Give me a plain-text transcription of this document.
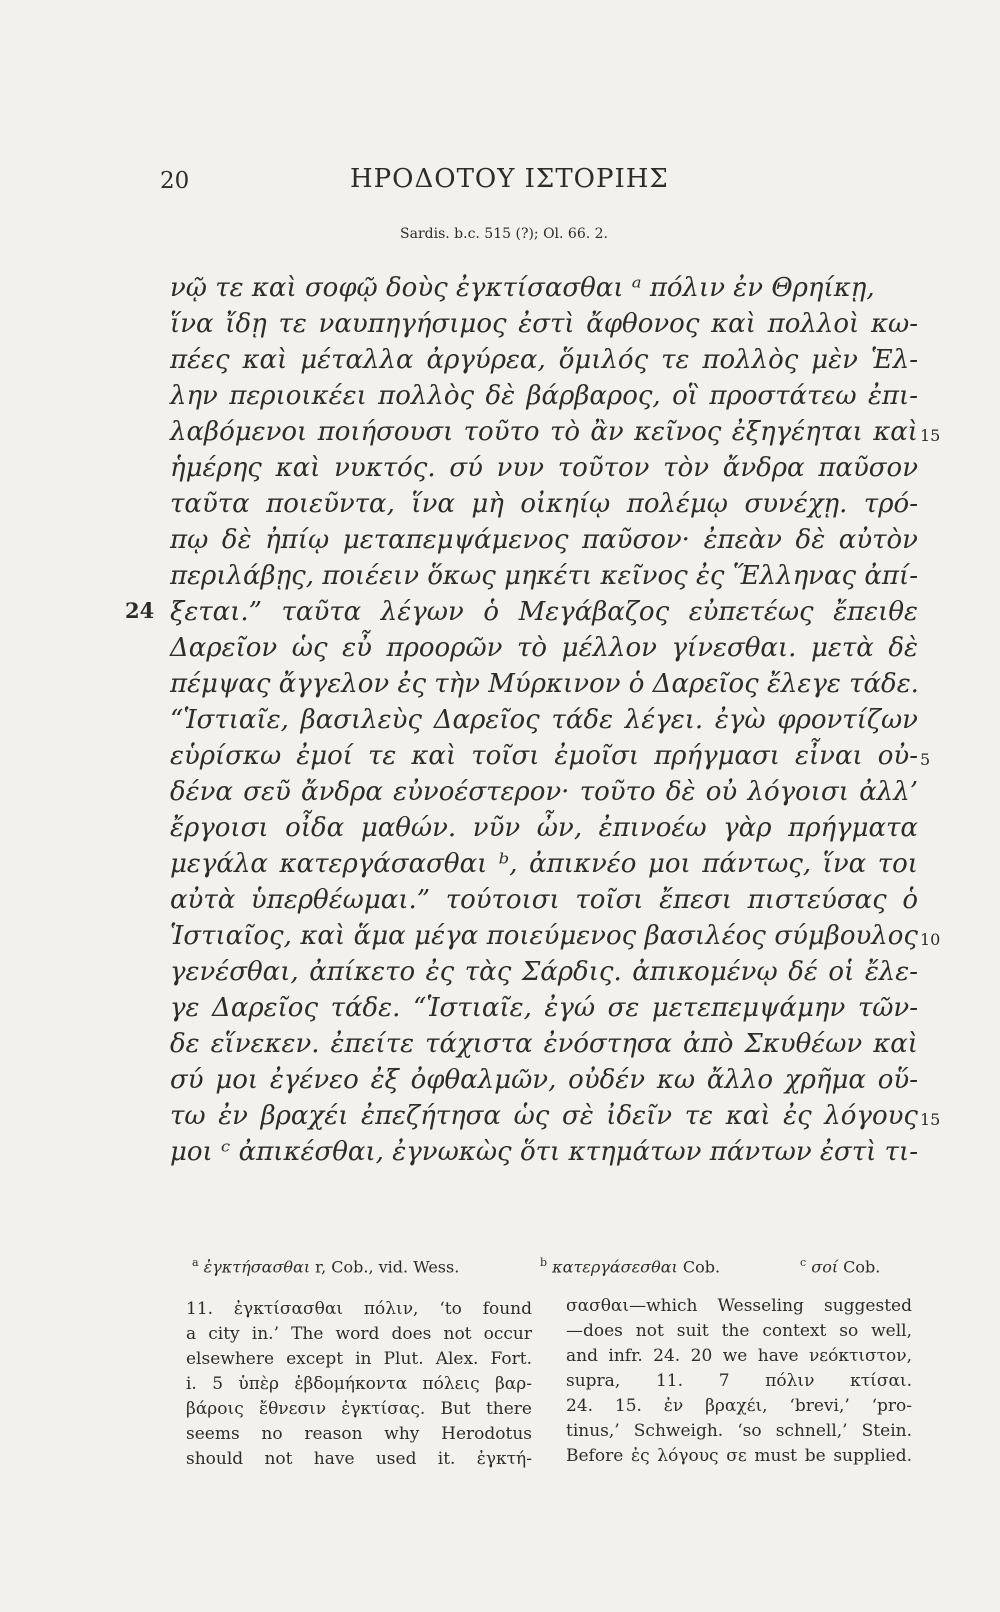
20	ΗΡΟΔΟΤΟΥ ΙΣΤΟΡΙΗΣ
Sardis. b.c. 515 (?); Ol. 66. 2.
νῷ τε καὶ σοφῷ δοὺς ἐγκτίσασθαι ᵃ πόλιν ἐν Θρηίκῃ,
ἵνα ἴδῃ τε ναυπηγήσιμος ἐστὶ ἄφθονος καὶ πολλοὶ κω-
πέες καὶ μέταλλα ἀργύρεα, ὅμιλός τε πολλὸς μὲν Ἑλ-
λην περιοικέει πολλὸς δὲ βάρβαρος, οἳ προστάτεω ἐπι-
λαβόμενοι ποιήσουσι τοῦτο τὸ ἂν κεῖνος ἐξηγέηται καὶ
ἡμέρης καὶ νυκτός. σύ νυν τοῦτον τὸν ἄνδρα παῦσον
ταῦτα ποιεῦντα, ἵνα μὴ οἰκηίῳ πολέμῳ συνέχῃ. τρό-
πῳ δὲ ἠπίῳ μεταπεμψάμενος παῦσον· ἐπεὰν δὲ αὐτὸν
περιλάβῃς, ποιέειν ὅκως μηκέτι κεῖνος ἐς Ἕλληνας ἀπί-
ξεται.” ταῦτα λέγων ὁ Μεγάβαζος εὐπετέως ἔπειθε
Δαρεῖον ὡς εὖ προορῶν τὸ μέλλον γίνεσθαι. μετὰ δὲ
πέμψας ἄγγελον ἐς τὴν Μύρκινον ὁ Δαρεῖος ἔλεγε τάδε.
“Ἱστιαῖε, βασιλεὺς Δαρεῖος τάδε λέγει. ἐγὼ φροντίζων
εὑρίσκω ἐμοί τε καὶ τοῖσι ἐμοῖσι πρήγμασι εἶναι οὐ-
δένα σεῦ ἄνδρα εὐνοέστερον· τοῦτο δὲ οὐ λόγοισι ἀλλ’
ἔργοισι οἶδα μαθών. νῦν ὦν, ἐπινοέω γὰρ πρήγματα
μεγάλα κατεργάσασθαι ᵇ, ἀπικνέο μοι πάντως, ἵνα τοι
αὐτὰ ὑπερθέωμαι.” τούτοισι τοῖσι ἔπεσι πιστεύσας ὁ
Ἱστιαῖος, καὶ ἅμα μέγα ποιεύμενος βασιλέος σύμβουλος
γενέσθαι, ἀπίκετο ἐς τὰς Σάρδις. ἀπικομένῳ δέ οἱ ἔλε-
γε Δαρεῖος τάδε. “Ἱστιαῖε, ἐγώ σε μετεπεμψάμην τῶν-
δε εἵνεκεν. ἐπείτε τάχιστα ἐνόστησα ἀπὸ Σκυθέων καὶ
σύ μοι ἐγένεο ἐξ ὀφθαλμῶν, οὐδέν κω ἄλλο χρῆμα οὕ-
τω ἐν βραχέι ἐπεζήτησα ὡς σὲ ἰδεῖν τε καὶ ἐς λόγους
μοι ᶜ ἀπικέσθαι, ἐγνωκὼς ὅτι κτημάτων πάντων ἐστὶ τι-
15
5
10
15
24
$^a$ ἐγκτήσασθαι r, Cob., vid. Wess.	$^b$ κατεργάσεσθαι Cob.	$^c$ σοί Cob.
11. ἐγκτίσασθαι πόλιν, ‘to found
a city in.’ The word does not occur
elsewhere except in Plut. Alex. Fort.
i. 5 ὑπὲρ ἑβδομήκοντα πόλεις βαρ-
βάροις ἔθνεσιν ἐγκτίσας. But there
seems no reason why Herodotus
should not have used it. ἐγκτή-
σασθαι—which Wesseling suggested
—does not suit the context so well,
and infr. 24. 20 we have νεόκτιστον,
supra, 11. 7 πόλιν κτίσαι.
24. 15. ἐν βραχέι, ‘brevi,’ ‘pro-
tinus,’ Schweigh. ‘so schnell,’ Stein.
Before ἐς λόγους σε must be supplied.
